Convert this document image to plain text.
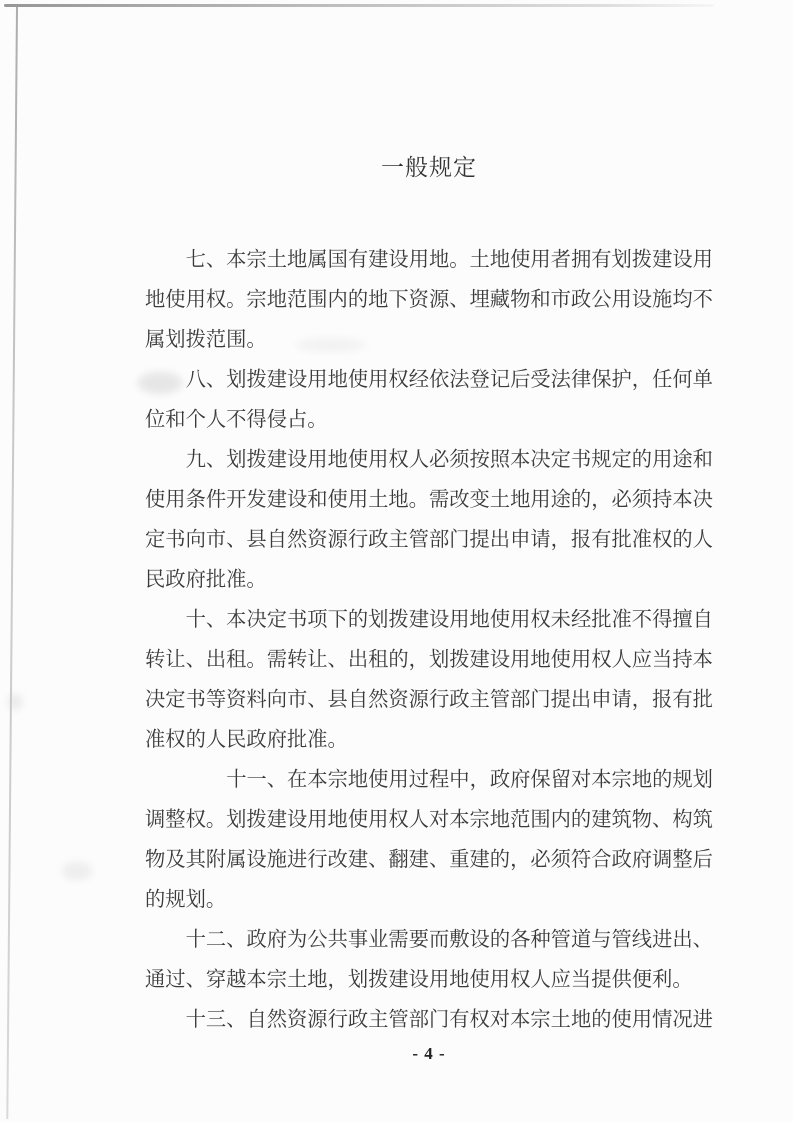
一般规定
七、本宗土地属国有建设用地。土地使用者拥有划拨建设用
地使用权。宗地范围内的地下资源、埋藏物和市政公用设施均不
属划拨范围。
八、划拨建设用地使用权经依法登记后受法律保护，任何单
位和个人不得侵占。
九、划拨建设用地使用权人必须按照本决定书规定的用途和
使用条件开发建设和使用土地。需改变土地用途的，必须持本决
定书向市、县自然资源行政主管部门提出申请，报有批准权的人
民政府批准。
十、本决定书项下的划拨建设用地使用权未经批准不得擅自
转让、出租。需转让、出租的，划拨建设用地使用权人应当持本
决定书等资料向市、县自然资源行政主管部门提出申请，报有批
准权的人民政府批准。
十一、在本宗地使用过程中，政府保留对本宗地的规划
调整权。划拨建设用地使用权人对本宗地范围内的建筑物、构筑
物及其附属设施进行改建、翻建、重建的，必须符合政府调整后
的规划。
十二、政府为公共事业需要而敷设的各种管道与管线进出、
通过、穿越本宗土地，划拨建设用地使用权人应当提供便利。
十三、自然资源行政主管部门有权对本宗土地的使用情况进
- 4 -
